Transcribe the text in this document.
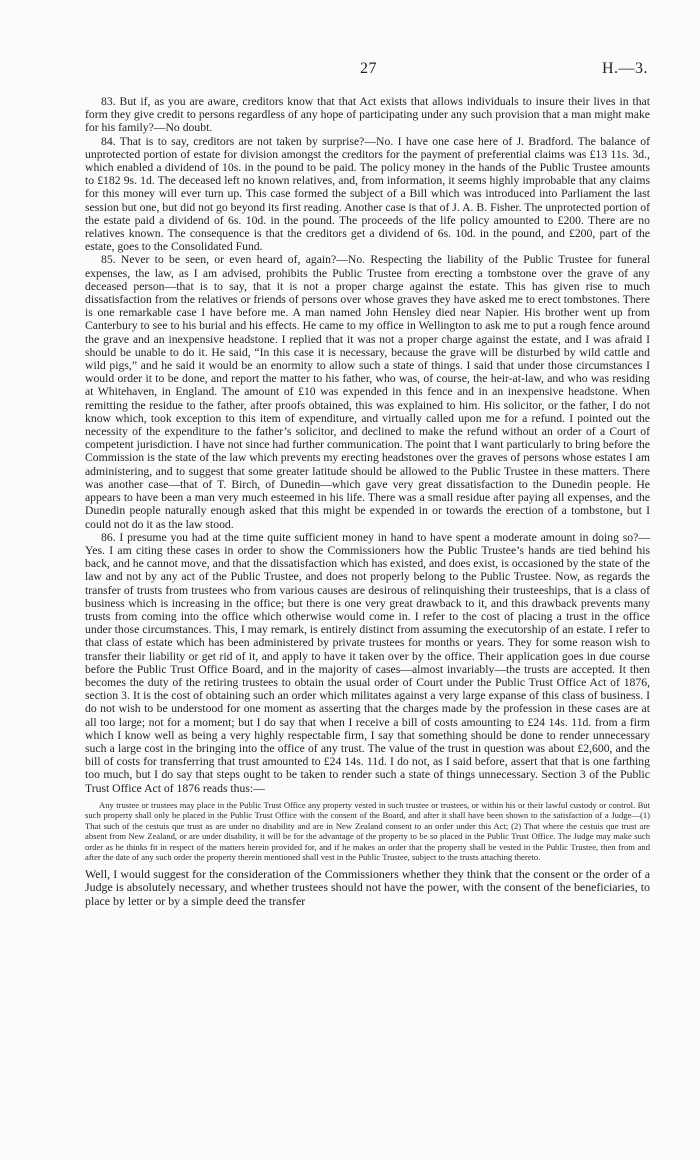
27	H.—3.

83. But if, as you are aware, creditors know that that Act exists that allows individuals to insure their lives in that form they give credit to persons regardless of any hope of participating under any such provision that a man might make for his family?—No doubt.

84. That is to say, creditors are not taken by surprise?—No. I have one case here of J. Bradford. The balance of unprotected portion of estate for division amongst the creditors for the payment of preferential claims was £13 11s. 3d., which enabled a dividend of 10s. in the pound to be paid. The policy money in the hands of the Public Trustee amounts to £182 9s. 1d. The deceased left no known relatives, and, from information, it seems highly improbable that any claims for this money will ever turn up. This case formed the subject of a Bill which was introduced into Parliament the last session but one, but did not go beyond its first reading. Another case is that of J. A. B. Fisher. The unprotected portion of the estate paid a dividend of 6s. 10d. in the pound. The proceeds of the life policy amounted to £200. There are no relatives known. The consequence is that the creditors get a dividend of 6s. 10d. in the pound, and £200, part of the estate, goes to the Consolidated Fund.

85. Never to be seen, or even heard of, again?—No. Respecting the liability of the Public Trustee for funeral expenses, the law, as I am advised, prohibits the Public Trustee from erecting a tombstone over the grave of any deceased person—that is to say, that it is not a proper charge against the estate. This has given rise to much dissatisfaction from the relatives or friends of persons over whose graves they have asked me to erect tombstones. There is one remarkable case I have before me. A man named John Hensley died near Napier. His brother went up from Canterbury to see to his burial and his effects. He came to my office in Wellington to ask me to put a rough fence around the grave and an inexpensive headstone. I replied that it was not a proper charge against the estate, and I was afraid I should be unable to do it. He said, “In this case it is necessary, because the grave will be disturbed by wild cattle and wild pigs,” and he said it would be an enormity to allow such a state of things. I said that under those circumstances I would order it to be done, and report the matter to his father, who was, of course, the heir-at-law, and who was residing at Whitehaven, in England. The amount of £10 was expended in this fence and in an inexpensive headstone. When remitting the residue to the father, after proofs obtained, this was explained to him. His solicitor, or the father, I do not know which, took exception to this item of expenditure, and virtually called upon me for a refund. I pointed out the necessity of the expenditure to the father’s solicitor, and declined to make the refund without an order of a Court of competent jurisdiction. I have not since had further communication. The point that I want particularly to bring before the Commission is the state of the law which prevents my erecting headstones over the graves of persons whose estates I am administering, and to suggest that some greater latitude should be allowed to the Public Trustee in these matters. There was another case—that of T. Birch, of Dunedin—which gave very great dissatisfaction to the Dunedin people. He appears to have been a man very much esteemed in his life. There was a small residue after paying all expenses, and the Dunedin people naturally enough asked that this might be expended in or towards the erection of a tombstone, but I could not do it as the law stood.

86. I presume you had at the time quite sufficient money in hand to have spent a moderate amount in doing so?—Yes. I am citing these cases in order to show the Commissioners how the Public Trustee’s hands are tied behind his back, and he cannot move, and that the dissatisfaction which has existed, and does exist, is occasioned by the state of the law and not by any act of the Public Trustee, and does not properly belong to the Public Trustee. Now, as regards the transfer of trusts from trustees who from various causes are desirous of relinquishing their trusteeships, that is a class of business which is increasing in the office; but there is one very great drawback to it, and this drawback prevents many trusts from coming into the office which otherwise would come in. I refer to the cost of placing a trust in the office under those circumstances. This, I may remark, is entirely distinct from assuming the executorship of an estate. I refer to that class of estate which has been administered by private trustees for months or years. They for some reason wish to transfer their liability or get rid of it, and apply to have it taken over by the office. Their application goes in due course before the Public Trust Office Board, and in the majority of cases—almost invariably—the trusts are accepted. It then becomes the duty of the retiring trustees to obtain the usual order of Court under the Public Trust Office Act of 1876, section 3. It is the cost of obtaining such an order which militates against a very large expanse of this class of business. I do not wish to be understood for one moment as asserting that the charges made by the profession in these cases are at all too large; not for a moment; but I do say that when I receive a bill of costs amounting to £24 14s. 11d. from a firm which I know well as being a very highly respectable firm, I say that something should be done to render unnecessary such a large cost in the bringing into the office of any trust. The value of the trust in question was about £2,600, and the bill of costs for transferring that trust amounted to £24 14s. 11d. I do not, as I said before, assert that that is one farthing too much, but I do say that steps ought to be taken to render such a state of things unnecessary. Section 3 of the Public Trust Office Act of 1876 reads thus:—

Any trustee or trustees may place in the Public Trust Office any property vested in such trustee or trustees, or within his or their lawful custody or control. But such property shall only be placed in the Public Trust Office with the consent of the Board, and after it shall have been shown to the satisfaction of a Judge—(1) That such of the cestuis que trust as are under no disability and are in New Zealand consent to an order under this Act; (2) That where the cestuis que trust are absent from New Zealand, or are under disability, it will be for the advantage of the property to be so placed in the Public Trust Office. The Judge may make such order as he thinks fit in respect of the matters herein provided for, and if he makes an order that the property shall be vested in the Public Trustee, then from and after the date of any such order the property therein mentioned shall vest in the Public Trustee, subject to the trusts attaching thereto.

Well, I would suggest for the consideration of the Commissioners whether they think that the consent or the order of a Judge is absolutely necessary, and whether trustees should not have the power, with the consent of the beneficiaries, to place by letter or by a simple deed the transfer
